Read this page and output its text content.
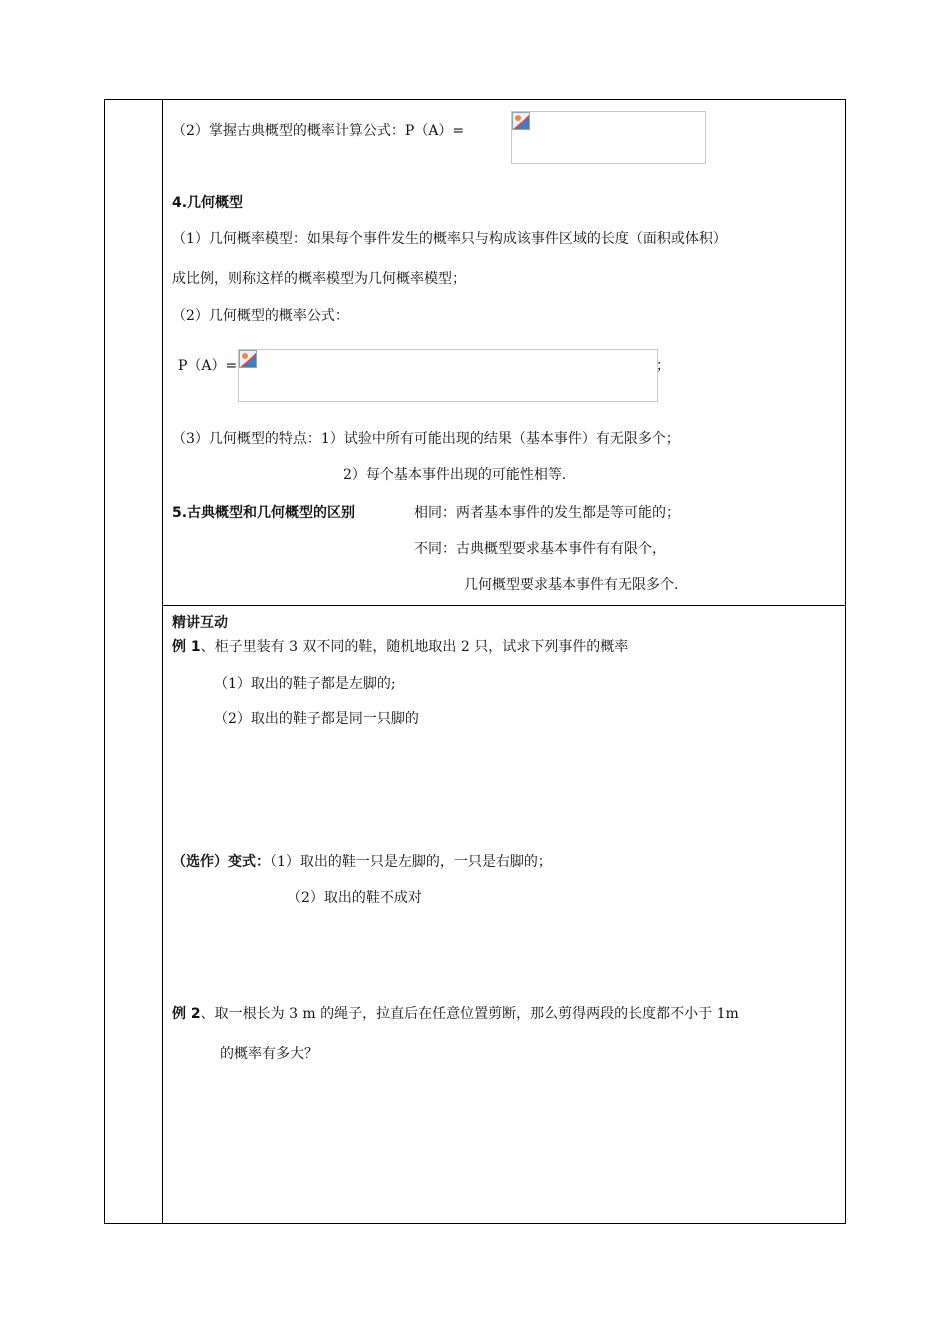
（2）掌握古典概型的概率计算公式：P（A）=
4.几何概型
（1）几何概率模型：如果每个事件发生的概率只与构成该事件区域的长度（面积或体积）
成比例，则称这样的概率模型为几何概率模型；
（2）几何概型的概率公式：
P（A）=	；
（3）几何概型的特点：1）试验中所有可能出现的结果（基本事件）有无限多个；
2）每个基本事件出现的可能性相等.
5.古典概型和几何概型的区别	相同：两者基本事件的发生都是等可能的；
不同：古典概型要求基本事件有有限个，
几何概型要求基本事件有无限多个.
精讲互动
例 1、柜子里装有 3 双不同的鞋，随机地取出 2 只，试求下列事件的概率
（1）取出的鞋子都是左脚的;
（2）取出的鞋子都是同一只脚的
（选作）变式：（1）取出的鞋一只是左脚的，一只是右脚的；
（2）取出的鞋不成对
例 2、取一根长为 3 m 的绳子，拉直后在任意位置剪断，那么剪得两段的长度都不小于 1m
的概率有多大？
